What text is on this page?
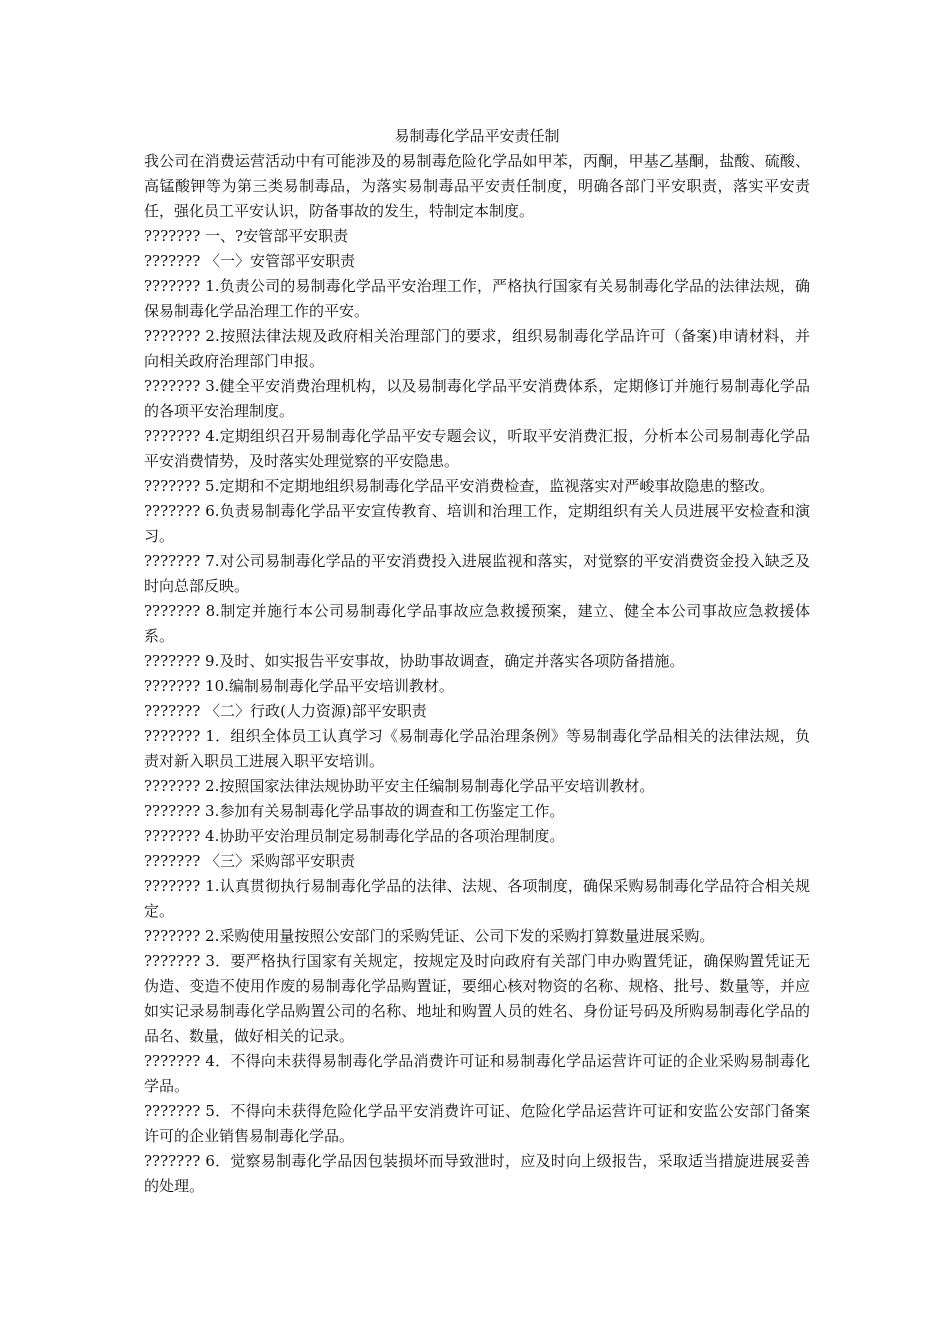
易制毒化学品平安责任制

我公司在消费运营活动中有可能涉及的易制毒危险化学品如甲苯，丙酮，甲基乙基酮，盐酸、硫酸、高锰酸钾等为第三类易制毒品，为落实易制毒品平安责任制度，明确各部门平安职责，落实平安责任，强化员工平安认识，防备事故的发生，特制定本制度。

??????? 一、?安管部平安职责

??????? 〈一〉安管部平安职责

??????? 1.负责公司的易制毒化学品平安治理工作，严格执行国家有关易制毒化学品的法律法规，确保易制毒化学品治理工作的平安。

??????? 2.按照法律法规及政府相关治理部门的要求，组织易制毒化学品许可（备案)申请材料，并向相关政府治理部门申报。

??????? 3.健全平安消费治理机构，以及易制毒化学品平安消费体系，定期修订并施行易制毒化学品的各项平安治理制度。

??????? 4.定期组织召开易制毒化学品平安专题会议，听取平安消费汇报，分析本公司易制毒化学品平安消费情势，及时落实处理觉察的平安隐患。

??????? 5.定期和不定期地组织易制毒化学品平安消费检查，监视落实对严峻事故隐患的整改。

??????? 6.负责易制毒化学品平安宣传教育、培训和治理工作，定期组织有关人员进展平安检查和演习。

??????? 7.对公司易制毒化学品的平安消费投入进展监视和落实，对觉察的平安消费资金投入缺乏及时向总部反映。

??????? 8.制定并施行本公司易制毒化学品事故应急救援预案，建立、健全本公司事故应急救援体系。

??????? 9.及时、如实报告平安事故，协助事故调查，确定并落实各项防备措施。

??????? 10.编制易制毒化学品平安培训教材。

??????? 〈二〉行政(人力资源)部平安职责

??????? 1．组织全体员工认真学习《易制毒化学品治理条例》等易制毒化学品相关的法律法规，负责对新入职员工进展入职平安培训。

??????? 2.按照国家法律法规协助平安主任编制易制毒化学品平安培训教材。

??????? 3.参加有关易制毒化学品事故的调查和工伤鉴定工作。

??????? 4.协助平安治理员制定易制毒化学品的各项治理制度。

??????? 〈三〉采购部平安职责

??????? 1.认真贯彻执行易制毒化学品的法律、法规、各项制度，确保采购易制毒化学品符合相关规定。

??????? 2.采购使用量按照公安部门的采购凭证、公司下发的采购打算数量进展采购。

??????? 3．要严格执行国家有关规定，按规定及时向政府有关部门申办购置凭证，确保购置凭证无伪造、变造不使用作废的易制毒化学品购置证，要细心核对物资的名称、规格、批号、数量等，并应如实记录易制毒化学品购置公司的名称、地址和购置人员的姓名、身份证号码及所购易制毒化学品的品名、数量，做好相关的记录。

??????? 4．不得向未获得易制毒化学品消费许可证和易制毒化学品运营许可证的企业采购易制毒化学品。

??????? 5．不得向未获得危险化学品平安消费许可证、危险化学品运营许可证和安监公安部门备案许可的企业销售易制毒化学品。

??????? 6．觉察易制毒化学品因包装损坏而导致泄时，应及时向上级报告，采取适当措旋进展妥善的处理。
